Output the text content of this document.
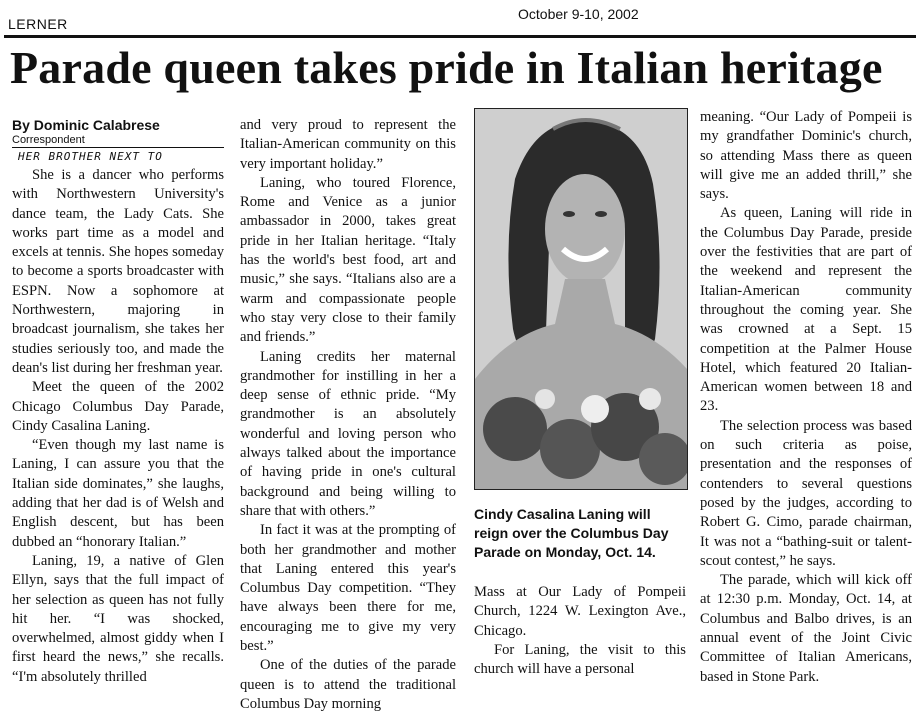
LERNER
October 9-10, 2002
Parade queen takes pride in Italian heritage
By Dominic Calabrese
Correspondent
HER BROTHER NEXT TO

She is a dancer who performs with Northwestern University's dance team, the Lady Cats. She works part time as a model and excels at tennis. She hopes someday to become a sports broadcaster with ESPN. Now a sophomore at Northwestern, majoring in broadcast journalism, she takes her studies seriously too, and made the dean's list during her freshman year.

Meet the queen of the 2002 Chicago Columbus Day Parade, Cindy Casalina Laning.

“Even though my last name is Laning, I can assure you that the Italian side dominates,” she laughs, adding that her dad is of Welsh and English descent, but has been dubbed an “honorary Italian.”

Laning, 19, a native of Glen Ellyn, says that the full impact of her selection as queen has not fully hit her. “I was shocked, overwhelmed, almost giddy when I first heard the news,” she recalls. “I'm absolutely thrilled

and very proud to represent the Italian-American community on this very important holiday.”

Laning, who toured Florence, Rome and Venice as a junior ambassador in 2000, takes great pride in her Italian heritage. “Italy has the world's best food, art and music,” she says. “Italians also are a warm and compassionate people who stay very close to their family and friends.”

Laning credits her maternal grandmother for instilling in her a deep sense of ethnic pride. “My grandmother is an absolutely wonderful and loving person who always talked about the importance of having pride in one's cultural background and being willing to share that with others.”

In fact it was at the prompting of both her grandmother and mother that Laning entered this year's Columbus Day competition. “They have always been there for me, encouraging me to give my very best.”

One of the duties of the parade queen is to attend the traditional Columbus Day morning

Cindy Casalina Laning will reign over the Columbus Day Parade on Monday, Oct. 14.

Mass at Our Lady of Pompeii Church, 1224 W. Lexington Ave., Chicago.

For Laning, the visit to this church will have a personal

meaning. “Our Lady of Pompeii is my grandfather Dominic's church, so attending Mass there as queen will give me an added thrill,” she says.

As queen, Laning will ride in the Columbus Day Parade, preside over the festivities that are part of the weekend and represent the Italian-American community throughout the coming year. She was crowned at a Sept. 15 competition at the Palmer House Hotel, which featured 20 Italian-American women between 18 and 23.

The selection process was based on such criteria as poise, presentation and the responses of contenders to several questions posed by the judges, according to Robert G. Cimo, parade chairman, It was not a “bathing-suit or talent-scout contest,” he says.

The parade, which will kick off at 12:30 p.m. Monday, Oct. 14, at Columbus and Balbo drives, is an annual event of the Joint Civic Committee of Italian Americans, based in Stone Park.
